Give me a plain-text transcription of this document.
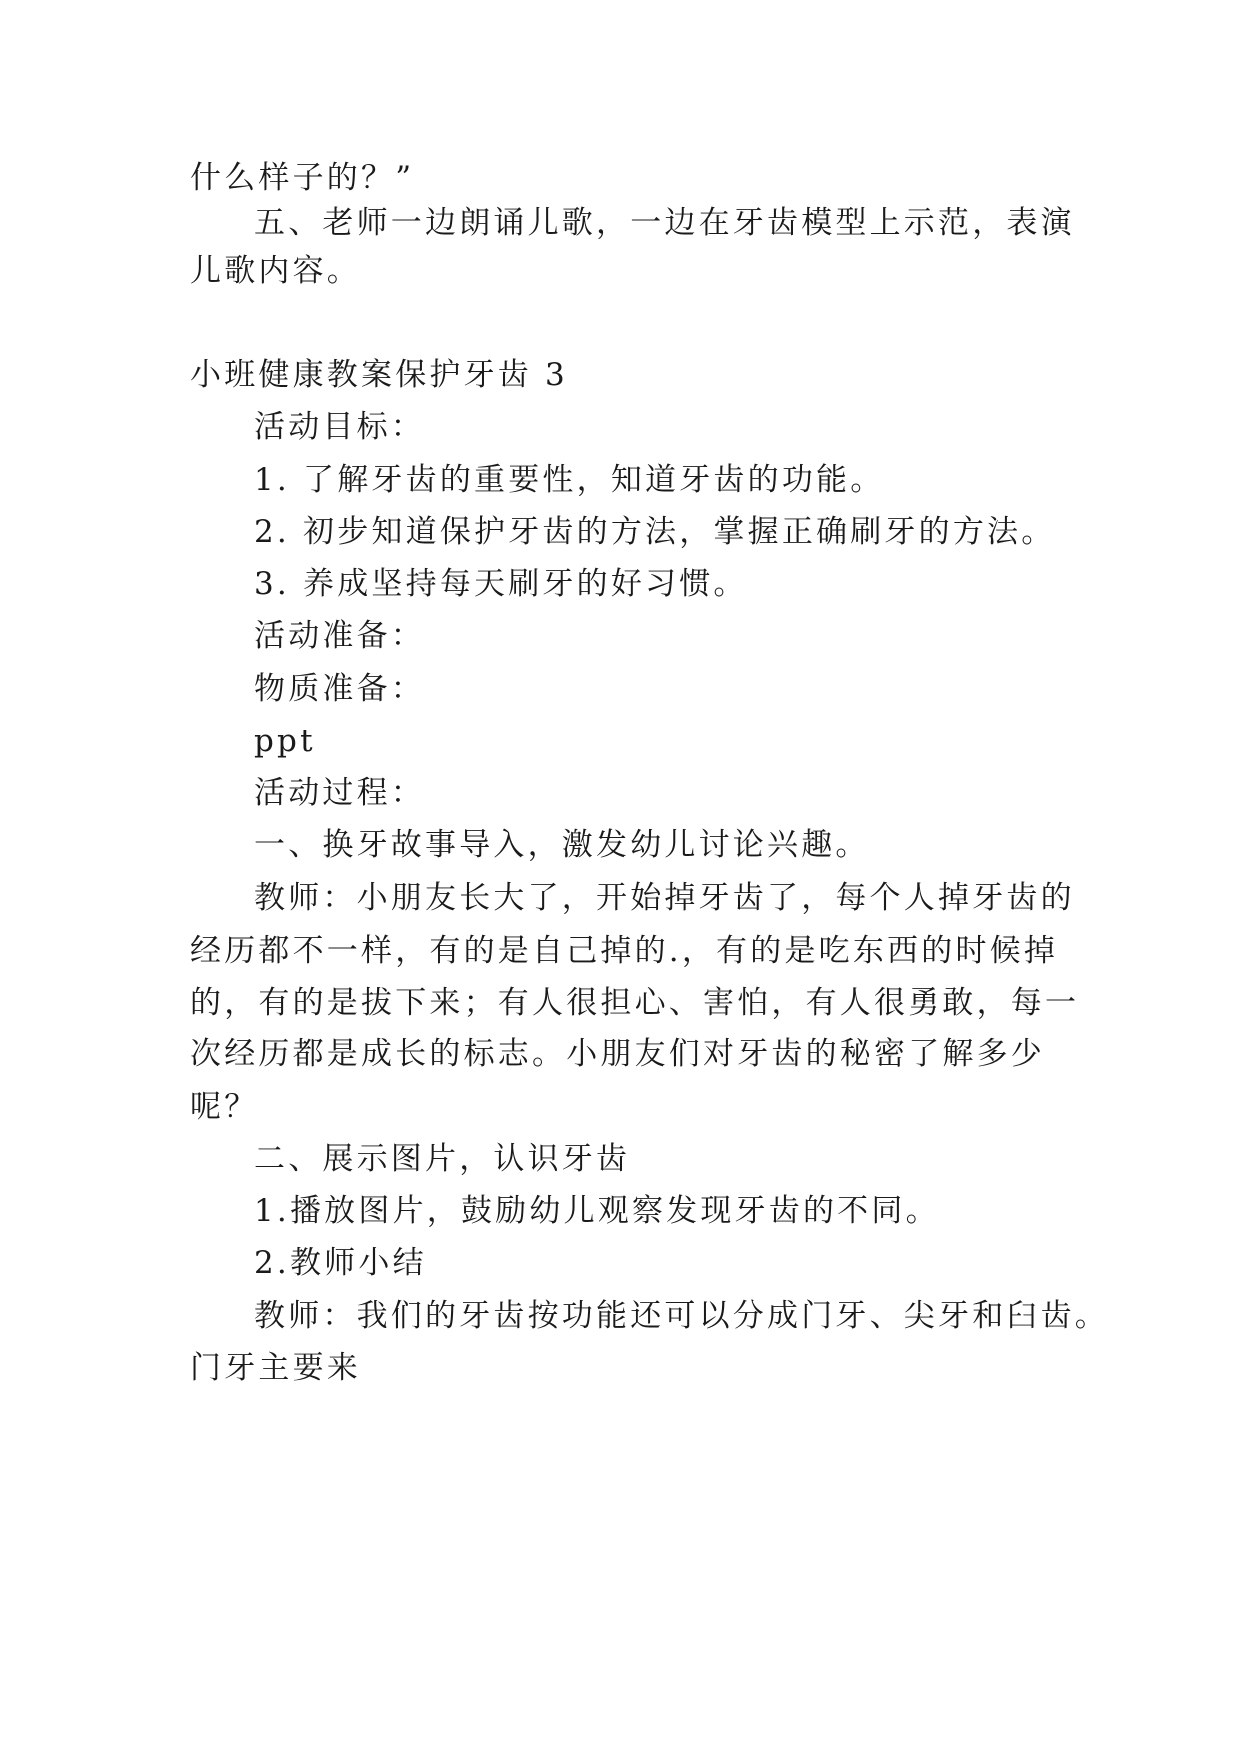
什么样子的？”
五、老师一边朗诵儿歌，一边在牙齿模型上示范，表演
儿歌内容。
小班健康教案保护牙齿 3
活动目标：
1. 了解牙齿的重要性，知道牙齿的功能。
2. 初步知道保护牙齿的方法，掌握正确刷牙的方法。
3. 养成坚持每天刷牙的好习惯。
活动准备：
物质准备：
ppt
活动过程：
一、换牙故事导入，激发幼儿讨论兴趣。
教师：小朋友长大了，开始掉牙齿了，每个人掉牙齿的
经历都不一样，有的是自己掉的.，有的是吃东西的时候掉
的，有的是拔下来；有人很担心、害怕，有人很勇敢，每一
次经历都是成长的标志。小朋友们对牙齿的秘密了解多少
呢？
二、展示图片，认识牙齿
1.播放图片，鼓励幼儿观察发现牙齿的不同。
2.教师小结
教师：我们的牙齿按功能还可以分成门牙、尖牙和臼齿。
门牙主要来
